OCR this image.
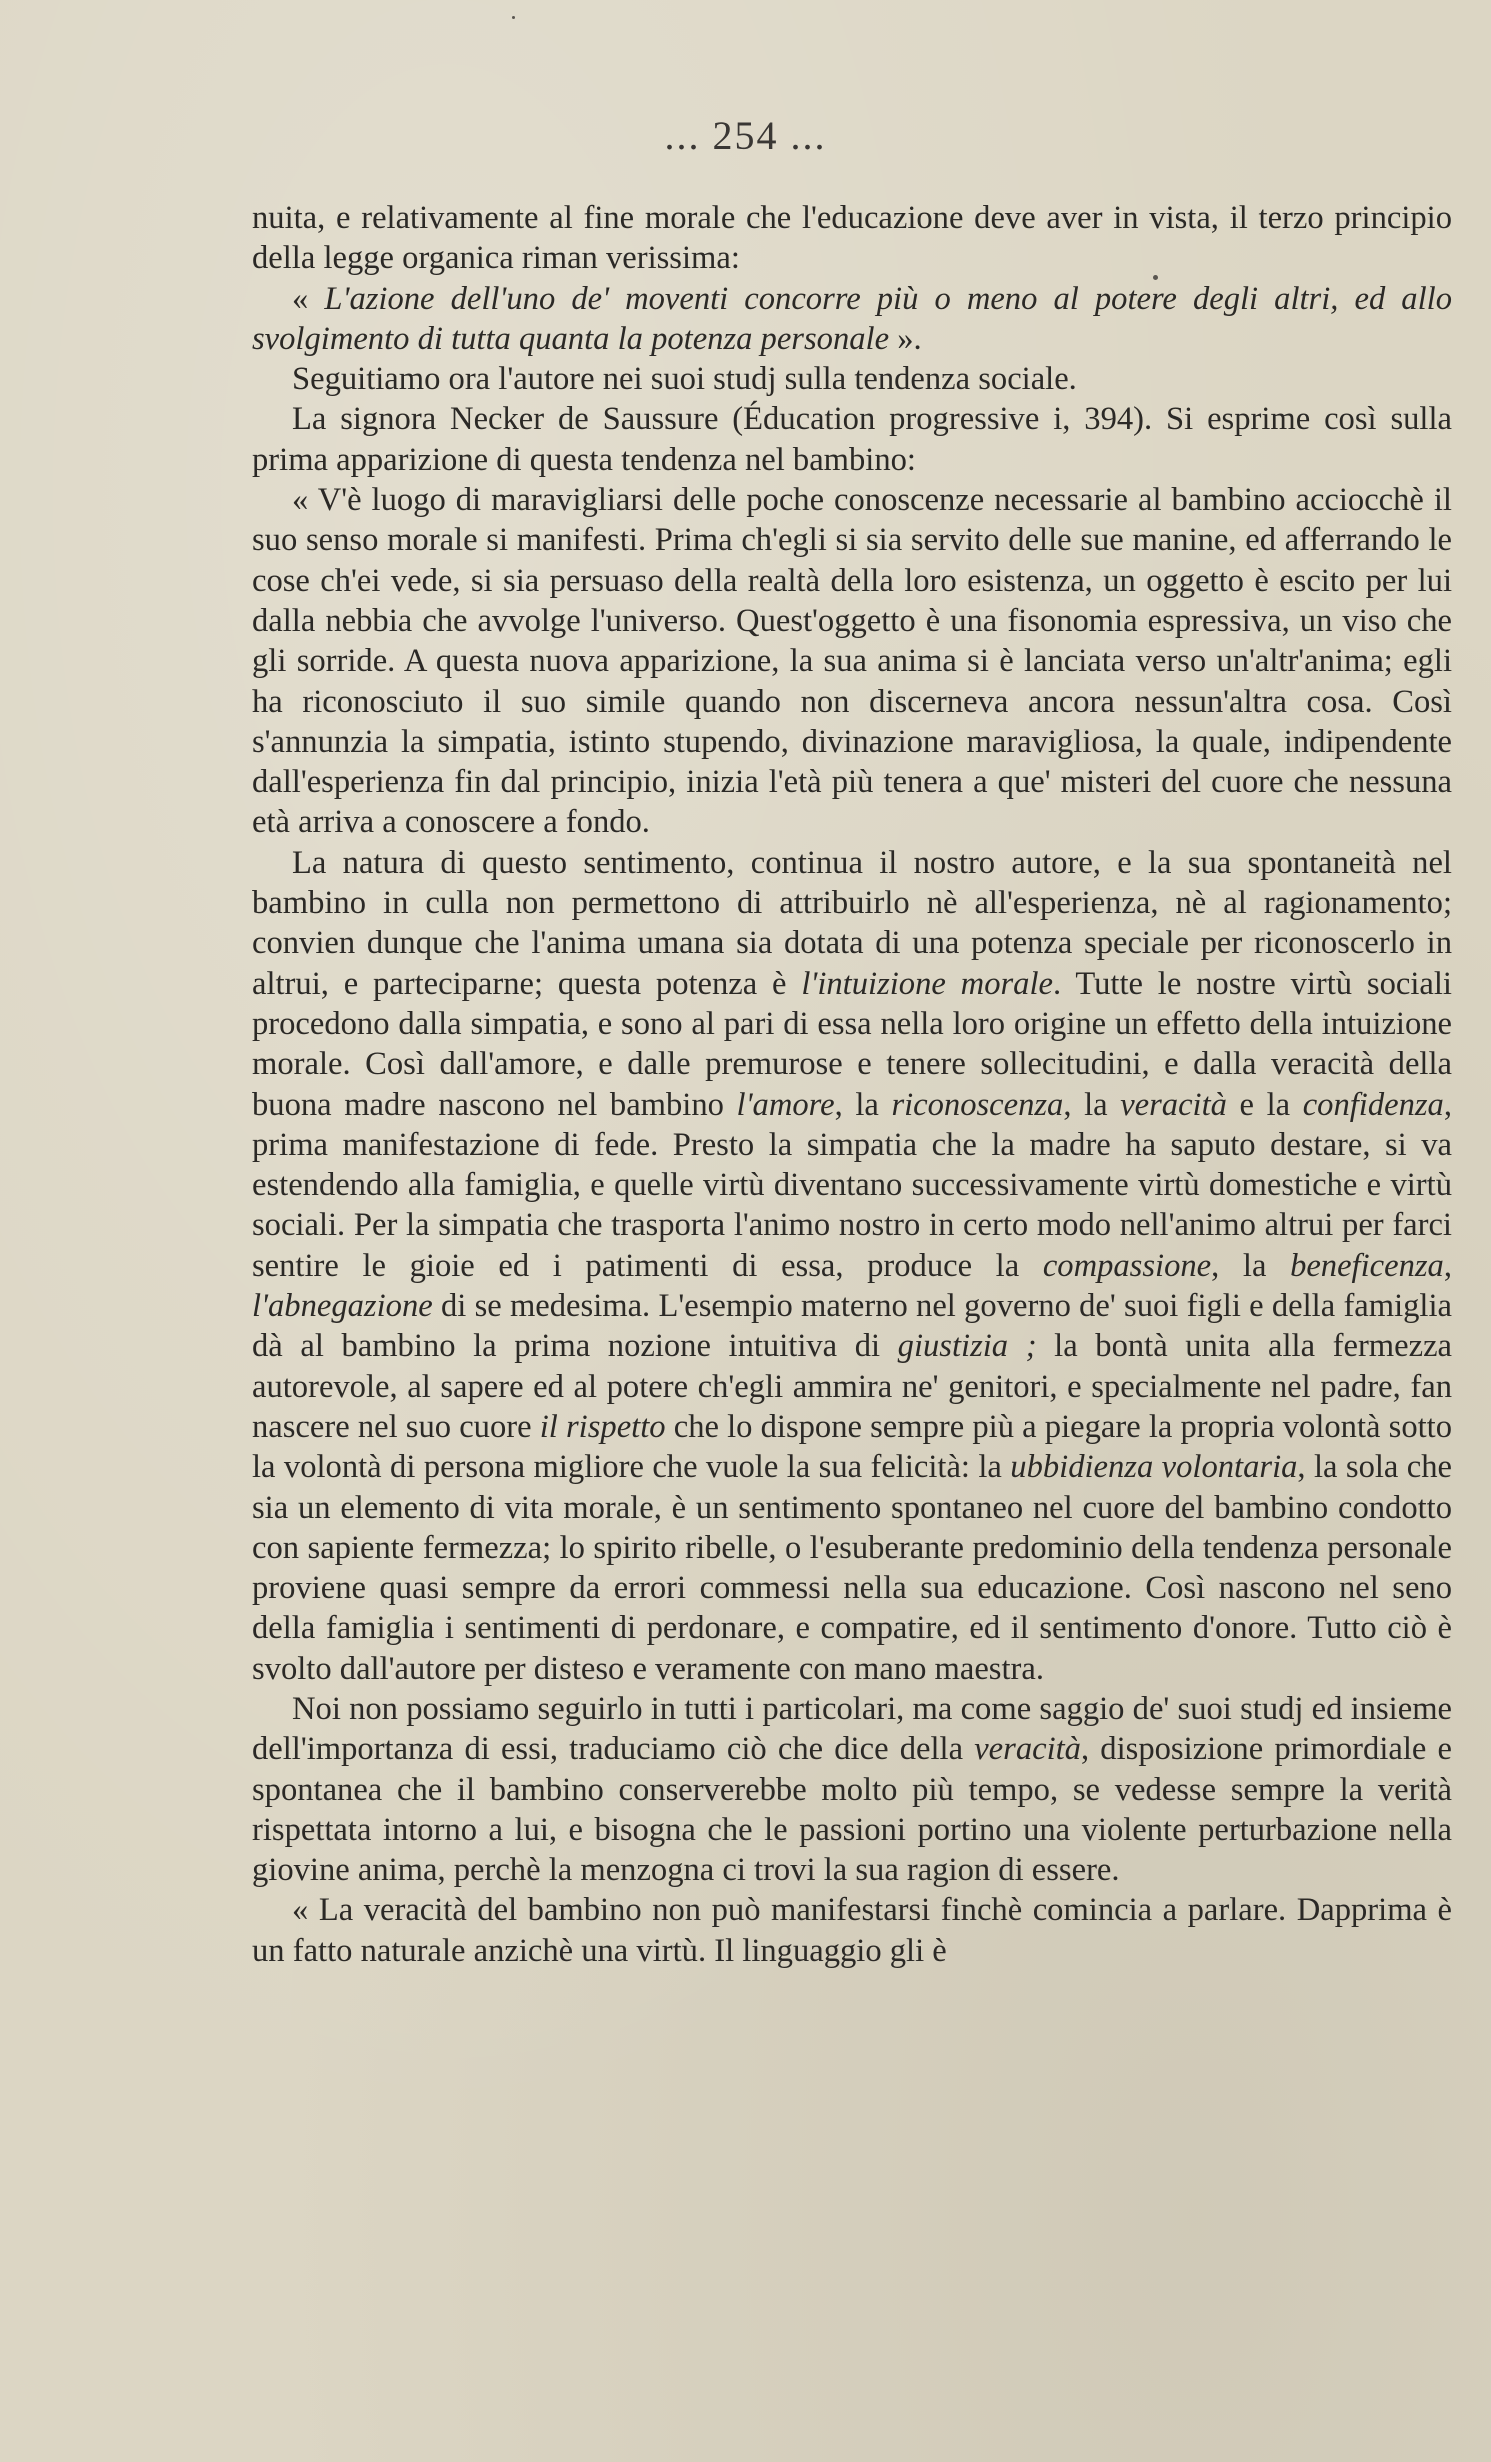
... 254 ...

nuita, e relativamente al fine morale che l'educazione deve aver in vista, il terzo principio della legge organica riman verissima:

« L'azione dell'uno de' moventi concorre più o meno al potere degli altri, ed allo svolgimento di tutta quanta la potenza personale ».

Seguitiamo ora l'autore nei suoi studj sulla tendenza sociale.

La signora Necker de Saussure (Éducation progressive i, 394). Si esprime così sulla prima apparizione di questa tendenza nel bambino:

« V'è luogo di maravigliarsi delle poche conoscenze necessarie al bambino acciocchè il suo senso morale si manifesti. Prima ch'egli si sia servito delle sue manine, ed afferrando le cose ch'ei vede, si sia persuaso della realtà della loro esistenza, un oggetto è escito per lui dalla nebbia che avvolge l'universo. Quest'oggetto è una fisonomia espressiva, un viso che gli sorride. A questa nuova apparizione, la sua anima si è lanciata verso un'altr'anima; egli ha riconosciuto il suo simile quando non discerneva ancora nessun'altra cosa. Così s'annunzia la simpatia, istinto stupendo, divinazione maravigliosa, la quale, indipendente dall'esperienza fin dal principio, inizia l'età più tenera a que' misteri del cuore che nessuna età arriva a conoscere a fondo.

La natura di questo sentimento, continua il nostro autore, e la sua spontaneità nel bambino in culla non permettono di attribuirlo nè all'esperienza, nè al ragionamento; convien dunque che l'anima umana sia dotata di una potenza speciale per riconoscerlo in altrui, e parteciparne; questa potenza è l'intuizione morale. Tutte le nostre virtù sociali procedono dalla simpatia, e sono al pari di essa nella loro origine un effetto della intuizione morale. Così dall'amore, e dalle premurose e tenere sollecitudini, e dalla veracità della buona madre nascono nel bambino l'amore, la riconoscenza, la veracità e la confidenza, prima manifestazione di fede. Presto la simpatia che la madre ha saputo destare, si va estendendo alla famiglia, e quelle virtù diventano successivamente virtù domestiche e virtù sociali. Per la simpatia che trasporta l'animo nostro in certo modo nell'animo altrui per farci sentire le gioie ed i patimenti di essa, produce la compassione, la beneficenza, l'abnegazione di se medesima. L'esempio materno nel governo de' suoi figli e della famiglia dà al bambino la prima nozione intuitiva di giustizia ; la bontà unita alla fermezza autorevole, al sapere ed al potere ch'egli ammira ne' genitori, e specialmente nel padre, fan nascere nel suo cuore il rispetto che lo dispone sempre più a piegare la propria volontà sotto la volontà di persona migliore che vuole la sua felicità: la ubbidienza volontaria, la sola che sia un elemento di vita morale, è un sentimento spontaneo nel cuore del bambino condotto con sapiente fermezza; lo spirito ribelle, o l'esuberante predominio della tendenza personale proviene quasi sempre da errori commessi nella sua educazione. Così nascono nel seno della famiglia i sentimenti di perdonare, e compatire, ed il sentimento d'onore. Tutto ciò è svolto dall'autore per disteso e veramente con mano maestra.

Noi non possiamo seguirlo in tutti i particolari, ma come saggio de' suoi studj ed insieme dell'importanza di essi, traduciamo ciò che dice della veracità, disposizione primordiale e spontanea che il bambino conserverebbe molto più tempo, se vedesse sempre la verità rispettata intorno a lui, e bisogna che le passioni portino una violente perturbazione nella giovine anima, perchè la menzogna ci trovi la sua ragion di essere.

« La veracità del bambino non può manifestarsi finchè comincia a parlare. Dapprima è un fatto naturale anzichè una virtù. Il linguaggio gli è
